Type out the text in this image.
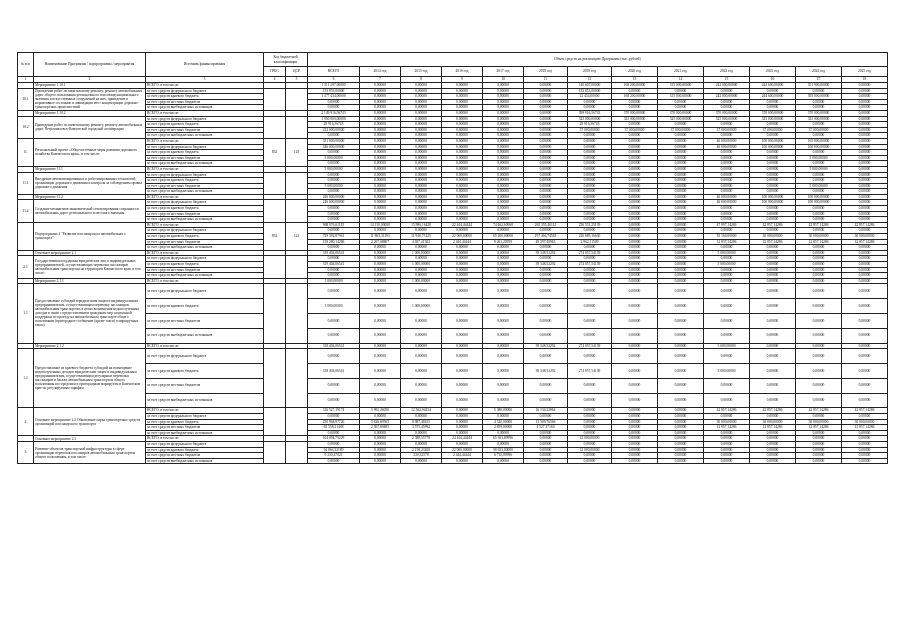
№ п/п	Наименование Программы / подпрограммы / мероприятия	Источник финансирования	Код бюджетной классификации		Объем средств на реализацию Программы (тыс. рублей)												
			ГРБС	ЦСР	ВСЕГО	2014 год	2015 год	2016 год	2017 год	2018 год	2019 год	2020 год	2021 год	2022 год	2023 год	2024 год	2025 год
1	2	3	4	5	6	7	8	9	10	11	12	13	14	15	16	17	18
	Мероприятие 1.10.1	ВСЕГО, в том числе:			1 511 297,00000	0,00000	0,00000	0,00000	0,00000	0,00000	140 607,00000	168 200,00000	315 000,00000	242 000,00000	244 600,00000	351 900,00000	0,00000
10.1	Проведение работ по капитальному ремонту, ремонту автомобильных дорог общего пользования регионального или межмуниципального значения и искусственных сооружений на них, приведение в нормативное состояние и ликвидация мест концентрации дорожно-транспортных происшествий	за счет средств федерального бюджета			133 853,00000	0,00000	0,00000	0,00000	0,00000	0,00000	133 853,00000	0,00000	0,00000	0,00000	0,00000	0,00000	0,00000
		за счет средств краевого бюджета			1 377 434,00000	0,00000	0,00000	0,00000	0,00000	0,00000	12 454,00000	168 200,00000	315 000,00000	242 000,00000	244 600,00000	395 000,00000	0,00000
		за счет средств местных бюджетов			0,00000	0,00000	0,00000	0,00000	0,00000	0,00000	0,00000	0,00000	0,00000	0,00000	0,00000	0,00000	0,00000
		за счет средств внебюджетных источников			0,00000	0,00000	0,00000	0,00000	0,00000	0,00000	0,00000	0,00000	0,00000	0,00000	0,00000	0,00000	0,00000
	Мероприятие 1.10.2	ВСЕГО, в том числе:			2 149 916,56743	0,00000	0,00000	0,00000	0,00000	0,00000	399 916,56743	370 000,00000	370 000,00000	370 000,00000	370 000,00000	370 000,00000	0,00000
10.2	Приведение работ по капитальному ремонту, ремонту автомобильных дорог Петропавловск-Камчатской городской агломерации	за счет средств федерального бюджета			1 950 000,00000	0,00000	0,00000	0,00000	0,00000	0,00000	325 000,00000	325 000,00000	325 000,00000	325 000,00000	325 000,00000	325 000,00000	0,00000
		за счет средств краевого бюджета			29 916,56743	0,00000	0,00000	0,00000	0,00000	0,00000	29 916,56743	0,00000	0,00000	0,00000	0,00000	0,00000	0,00000
		за счет средств местных бюджетов			222 000,00000	0,00000	0,00000	0,00000	0,00000	0,00000	37 000,00000	37 000,00000	37 000,00000	37 000,00000	37 000,00000	37 000,00000	0,00000
		за счет средств внебюджетных источников			0,00000	0,00000	0,00000	0,00000	0,00000	0,00000	0,00000	0,00000	0,00000	0,00000	0,00000	0,00000	0,00000
11.	Региональный проект «Общесистемные меры развития дорожного хозяйства Камчатского края», в том числе:	ВСЕГО, в том числе:	852	125	351 000,00000	0,00000	0,00000	0,00000	0,00000	0,00000	0,00000	0,00000	0,00000	46 000,00000	100 000,00000	165 000,00000	0,00000
		за счет средств федерального бюджета			346 000,00000	0,00000	0,00000	0,00000	0,00000	0,00000	0,00000	0,00000	0,00000	46 000,00000	100 000,00000	160 000,00000	0,00000
		за счет средств краевого бюджета			0,00000	0,00000	0,00000	0,00000	0,00000	0,00000	0,00000	0,00000	0,00000	0,00000	0,00000	0,00000	0,00000
		за счет средств местных бюджетов			5 000,00000	0,00000	0,00000	0,00000	0,00000	0,00000	0,00000	0,00000	0,00000	0,00000	0,00000	5 000,00000	0,00000
		за счет средств внебюджетных источников			0,00000	0,00000	0,00000	0,00000	0,00000	0,00000	0,00000	0,00000	0,00000	0,00000	0,00000	0,00000	0,00000
	Мероприятие 11.1	ВСЕГО, в том числе:			5 000,00000	0,00000	0,00000	0,00000	0,00000	0,00000	0,00000	0,00000	0,00000	0,00000	0,00000	5 000,00000	0,00000
11.1	Внедрение автоматизированных и роботизированных технологий организации дорожного движения и контроля за соблюдением правил дорожного движения	за счет средств федерального бюджета			0,00000	0,00000	0,00000	0,00000	0,00000	0,00000	0,00000	0,00000	0,00000	0,00000	0,00000	0,00000	0,00000
		за счет средств краевого бюджета			0,00000	0,00000	0,00000	0,00000	0,00000	0,00000	0,00000	0,00000	0,00000	0,00000	0,00000	0,00000	0,00000
		за счет средств местных бюджетов			5 000,00000	0,00000	0,00000	0,00000	0,00000	0,00000	0,00000	0,00000	0,00000	0,00000	0,00000	5 000,00000	0,00000
		за счет средств внебюджетных источников			0,00000	0,00000	0,00000	0,00000	0,00000	0,00000	0,00000	0,00000	0,00000	0,00000	0,00000	0,00000	0,00000
	Мероприятие 11.2	ВСЕГО, в том числе:			246 000,00000	0,00000	0,00000	0,00000	0,00000	0,00000	0,00000	0,00000	0,00000	46 000,00000	100 000,00000	100 000,00000	0,00000
11.2	Создание механизмов экономической стимулирования сохранности автомобильных дорог регионального и местного значения	за счет средств федерального бюджета			246 000,00000	0,00000	0,00000	0,00000	0,00000	0,00000	0,00000	0,00000	0,00000	46 000,00000	100 000,00000	100 000,00000	0,00000
		за счет средств краевого бюджета			0,00000	0,00000	0,00000	0,00000	0,00000	0,00000	0,00000	0,00000	0,00000	0,00000	0,00000	0,00000	0,00000
		за счет средств местных бюджетов			0,00000	0,00000	0,00000	0,00000	0,00000	0,00000	0,00000	0,00000	0,00000	0,00000	0,00000	0,00000	0,00000
		за счет средств внебюджетных источников			0,00000	0,00000	0,00000	0,00000	0,00000	0,00000	0,00000	0,00000	0,00000	0,00000	0,00000	0,00000	0,00000
	Подпрограмма 2 "Развитие пассажирского автомобильного транспорта"	ВСЕГО, в том числе:	852	122	968 076,61145	14 130,00000	15 986,16428	22 444,44444	74 462,60968	265 355,46112	256 531,25139	0,00000	0,00000	47 997,14286	42 857,14286	42 857,14286	42 857,14286
		за счет средств федерального бюджета			0,00000	0,00000	0,00000	0,00000	0,00000	0,00000	0,00000	0,00000	0,00000	0,00000	0,00000	0,00000	0,00000
		за счет средств краевого бюджета			729 392,87941	11 863,31193	11 948,75125	22 000,00000	65 200,00000	197 466,74563	226 689,16630	0,00000	0,00000	35 160,00000	30 000,00000	30 000,00000	30 000,00000
		за счет средств местных бюджетов			139 280,14286	2 267,68807	4 037,41302	2 444,44444	9 261,20959	49 397,40963	2 962,11509	0,00000	0,00000	12 837,14286	12 857,14286	12 857,14286	12 857,14286
		за счет средств внебюджетных источников			0,00000	0,00000	0,00000	0,00000	0,00000	0,00000	0,00000	0,00000	0,00000	0,00000	0,00000	0,00000	0,00000
	Основное мероприятие 2.1	ВСЕГО, в том числе:			319 404,06541	0,00000	1 000,00000	0,00000	0,00000	39 348,52292	274 057,54139	0,00000	0,00000	5 000,00000	0,00000	0,00000	0,00000
2.1	Государственная поддержка юридических лиц и индивидуальных предпринимателей, осуществляющих перевозки пассажиров автомобильным транспортом на территории Камчатского края, в том числе:	за счет средств федерального бюджета			0,00000	0,00000	0,00000	0,00000	0,00000	0,00000	0,00000	0,00000	0,00000	0,00000	0,00000	0,00000	0,00000
		за счет средств краевого бюджета			319 404,06541	0,00000	1 000,00000	0,00000	0,00000	39 348,52292	274 057,54139	0,00000	0,00000	5 000,00000	0,00000	0,00000	0,00000
		за счет средств местных бюджетов			0,00000	0,00000	0,00000	0,00000	0,00000	0,00000	0,00000	0,00000	0,00000	0,00000	0,00000	0,00000	0,00000
		за счет средств внебюджетных источников			0,00000	0,00000	0,00000	0,00000	0,00000	0,00000	0,00000	0,00000	0,00000	0,00000	0,00000	0,00000	0,00000
	Мероприятие 2.1.1	ВСЕГО, в том числе:			1 000,00000	0,00000	1 000,00000	0,00000	0,00000	0,00000	0,00000	0,00000	0,00000	0,00000	0,00000	0,00000	0,00000
1.1	Предоставление субсидий юридическим лицам и индивидуальным предпринимателям, осуществляющим перевозку пассажиров автомобильным транспортом, в целях возмещения недополученных доходов в связи с предоставлением гражданам мер социальной поддержки по проезду на автомобильном транспорте общего пользования (пригородное сообщение (кроме такси) в маршрутных такси)	за счет средств федерального бюджета			0,00000	0,00000	0,00000	0,00000	0,00000	0,00000	0,00000	0,00000	0,00000	0,00000	0,00000	0,00000	0,00000
		за счет средств краевого бюджета			1 000,00000	0,00000	1 000,00000	0,00000	0,00000	0,00000	0,00000	0,00000	0,00000	0,00000	0,00000	0,00000	0,00000
		за счет средств местных бюджетов			0,00000	0,00000	0,00000	0,00000	0,00000	0,00000	0,00000	0,00000	0,00000	0,00000	0,00000	0,00000	0,00000
		за счет средств внебюджетных источников			0,00000	0,00000	0,00000	0,00000	0,00000	0,00000	0,00000	0,00000	0,00000	0,00000	0,00000	0,00000	0,00000
	Мероприятие 2.1.2	ВСЕГО, в том числе:			318 404,06541	0,00000	0,00000	0,00000	0,00000	39 348,52292	274 057,54139	0,00000	0,00000	5 000,00000	0,00000	0,00000	0,00000
1.2	Предоставление из краевого бюджета субсидий на возмещение недополученных доходов юридическим лицам и индивидуальным предпринимателям, осуществляющим регулярные перевозки пассажиров и багажа автомобильным транспортом общего пользования по городским и пригородным маршрутам в Камчатском крае по регулируемым тарифам	за счет средств федерального бюджета			0,00000	0,00000	0,00000	0,00000	0,00000	0,00000	0,00000	0,00000	0,00000	0,00000	0,00000	0,00000	0,00000
		за счет средств краевого бюджета			318 404,06541	0,00000	0,00000	0,00000	0,00000	39 348,52292	274 057,54139	0,00000	0,00000	5 000,00000	0,00000	0,00000	0,00000
		за счет средств местных бюджетов			0,00000	0,00000	0,00000	0,00000	0,00000	0,00000	0,00000	0,00000	0,00000	0,00000	0,00000	0,00000	0,00000
		за счет средств внебюджетных источников			0,00000	0,00000	0,00000	0,00000	0,00000	0,00000	0,00000	0,00000	0,00000	0,00000	0,00000	0,00000	0,00000
2	Основное мероприятие 2.2 Обновление парка транспортных средств организаций пассажирского транспорта	ВСЕГО, в том числе:			316 527,19174	5 992,26056	12 562,94434	0,00000	5 380,00000	16 134,22864	0,00000	0,00000	0,00000	42 857,14286	42 857,14286	42 857,14286	42 857,14286
		за счет средств федерального бюджета			0,00000	0,00000	0,00000	0,00000	0,00000	0,00000	0,00000	0,00000	0,00000	0,00000	0,00000	0,00000	0,00000
		за счет средств краевого бюджета			250 968,97726	5 626,69565	8 987,48435	0,00000	4 520,00000	13 509,76566	0,00000	0,00000	0,00000	30 000,00000	30 000,00000	30 000,00000	30 000,00000
		за счет средств местных бюджетов			65 558,21448	2 367,69485	3 575,45992	0,00000	2 859,00000	4 527,27160	0,00000	0,00000	0,00000	12 857,14286	12 857,14286	12 857,14286	12 857,14286
		за счет средств внебюджетных источников			0,00000	0,00000	0,00000	0,00000	0,00000	0,00000	0,00000	0,00000	0,00000	0,00000	0,00000	0,00000	0,00000
	Основное мероприятие 2.3	ВСЕГО, в том числе:			104 094,79229	0,00000	2 388,55778	24 444,44444	65 363,89996	0,00000	12 000,00000	0,00000	0,00000	0,00000	0,00000	0,00000	0,00000
3	Развитие объектов транспортной инфраструктуры в сфере организации перевозок пассажиров автомобильным транспортом общего пользования, в том числе:	за счет средств федерального бюджета			0,00000	0,00000	0,00000	0,00000	0,00000	0,00000	0,00000	0,00000	0,00000	0,00000	0,00000	0,00000	0,00000
		за счет средств краевого бюджета			94 864,32189	0,00000	2 158,23200	22 000,00000	58 653,00000	0,00000	12 000,00000	0,00000	0,00000	0,00000	0,00000	0,00000	0,00000
		за счет средств местных бюджетов			9 230,47021	0,00000	230,32578	2 444,44444	6 710,89996	0,00000	0,00000	0,00000	0,00000	0,00000	0,00000	0,00000	0,00000
		за счет средств внебюджетных источников			0,00000	0,00000	0,00000	0,00000	0,00000	0,00000	0,00000	0,00000	0,00000	0,00000	0,00000	0,00000	0,00000
